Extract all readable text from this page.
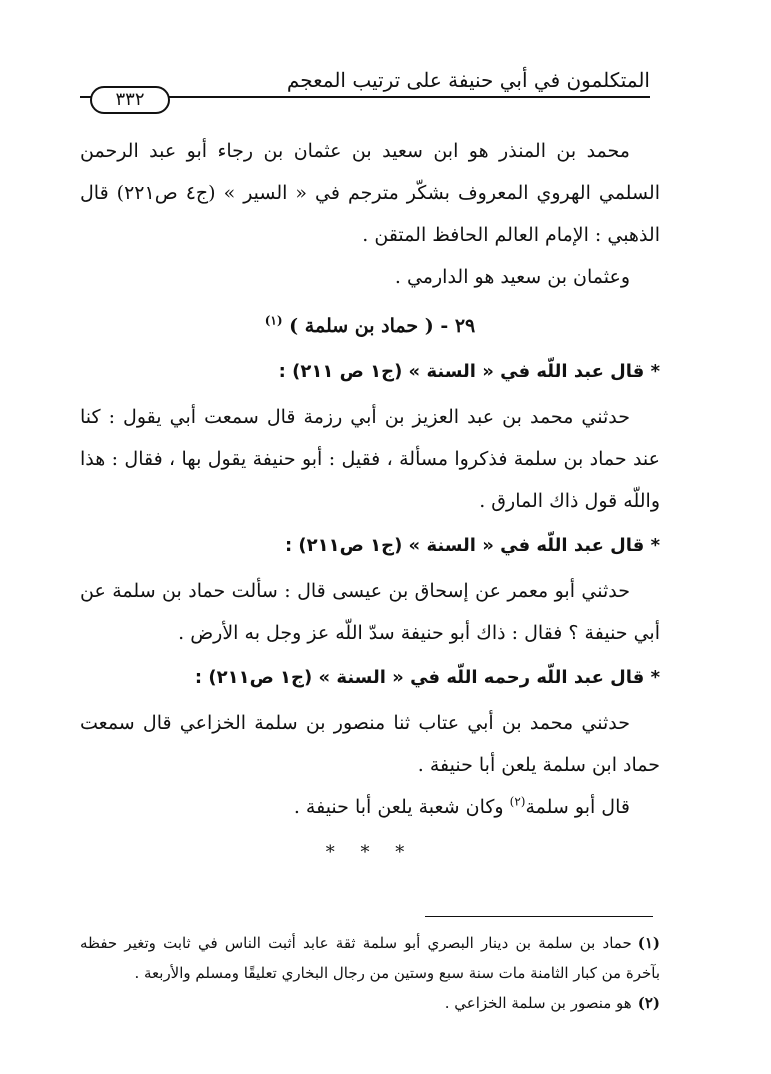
المتكلمون في أبي حنيفة على ترتيب المعجم
٣٣٢

محمد بن المنذر هو ابن سعيد بن عثمان بن رجاء أبو عبد الرحمن السلمي الهروي المعروف بشكّر مترجم في « السير » (ج٤ ص٢٢١) قال الذهبي : الإمام العالم الحافظ المتقن .

وعثمان بن سعيد هو الدارمي .

٢٩ - ( حماد بن سلمة ) $^{(١)}$

* قال عبد اللّه في « السنة » (ج١ ص ٢١١) :

حدثني محمد بن عبد العزيز بن أبي رزمة قال سمعت أبي يقول : كنا عند حماد بن سلمة فذكروا مسألة ، فقيل : أبو حنيفة يقول بها ، فقال : هذا واللّه قول ذاك المارق .

* قال عبد اللّه في « السنة » (ج١ ص٢١١) :

حدثني أبو معمر عن إسحاق بن عيسى قال : سألت حماد بن سلمة عن أبي حنيفة ؟ فقال : ذاك أبو حنيفة سدّ اللّه عز وجل به الأرض .

* قال عبد اللّه رحمه اللّه في « السنة » (ج١ ص٢١١) :

حدثني محمد بن أبي عتاب ثنا منصور بن سلمة الخزاعي قال سمعت حماد ابن سلمة يلعن أبا حنيفة .

قال أبو سلمة$^{(٢)}$ وكان شعبة يلعن أبا حنيفة .

* * *

(١)حماد بن سلمة بن دينار البصري أبو سلمة ثقة عابد أثبت الناس في ثابت وتغير حفظه بآخرة من كبار الثامنة مات سنة سبع وستين من رجال البخاري تعليقًا ومسلم والأربعة .

(٢)هو منصور بن سلمة الخزاعي .
